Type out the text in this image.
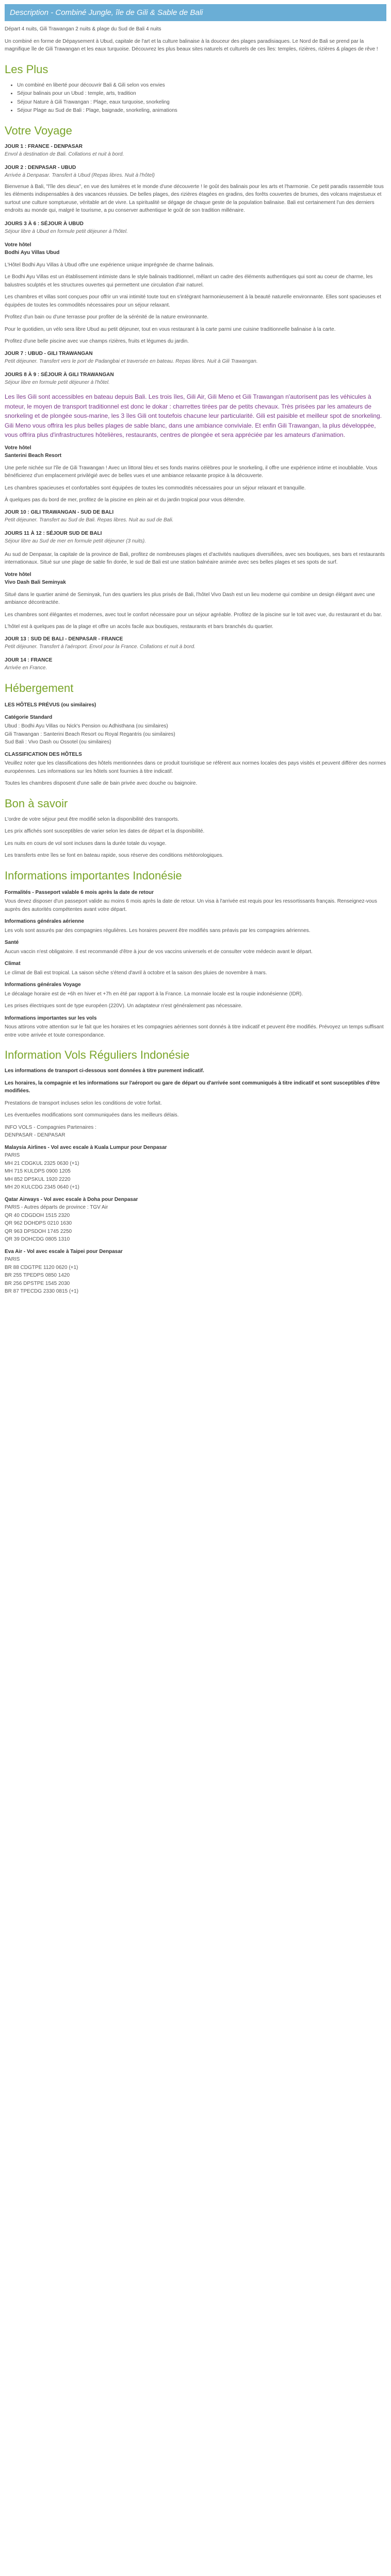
Description - Combiné Jungle, île de Gili & Sable de Bali

Départ 4 nuits, Gili Trawangan 2 nuits & plage du Sud de Bali 4 nuits

Un combiné en forme de Dépaysement à Ubud, capitale de l'art et la culture balinaise à la douceur des plages paradisiaques. Le Nord de Bali se prend par la magnifique île de Gili Trawangan et les eaux turquoise. Découvrez les plus beaux sites naturels et culturels de ces îles: temples, rizières, rizières & plages de rêve !

Les Plus
• Un combiné en liberté pour découvrir Bali & Gili selon vos envies
• Séjour balinais pour un Ubud : temple, arts, tradition
• Séjour Nature à Gili Trawangan : Plage, eaux turquoise, snorkeling
• Séjour Plage au Sud de Bali : Plage, baignade, snorkeling, animations
Votre Voyage

JOUR 1 : FRANCE - DENPASAR

Envol à destination de Bali. Collations et nuit à bord.

JOUR 2 : DENPASAR - UBUD

Arrivée à Denpasar. Transfert à Ubud (Repas libres. Nuit à l'hôtel)

Bienvenue à Bali, "l'île des dieux", en vue des lumières et le monde d'une découverte ! le goût des balinais pour les arts et l'harmonie. Ce petit paradis rassemble tous les éléments indispensables à des vacances réussies. De belles plages, des rizières étagées en gradins, des forêts couvertes de brumes, des volcans majestueux et surtout une culture somptueuse, véritable art de vivre. La spiritualité se dégage de chaque geste de la population balinaise. Bali est certainement l'un des derniers endroits au monde qui, malgré le tourisme, a pu conserver authentique le goût de son tradition millénaire.

JOURS 3 À 6 : SÉJOUR À UBUD

Séjour libre à Ubud en formule petit déjeuner à l'hôtel.

Votre hôtel
Bodhi Ayu Villas Ubud

L'Hôtel Bodhi Ayu Villas à Ubud offre une expérience unique imprégnée de charme balinais.

Le Bodhi Ayu Villas est un établissement intimiste dans le style balinais traditionnel, mêlant un cadre des éléments authentiques qui sont au coeur de charme, les balustres sculptés et les structures ouvertes qui permettent une circulation d'air naturel.

Les chambres et villas sont conçues pour offrir un vrai intimité toute tout en s'intégrant harmonieusement à la beauté naturelle environnante. Elles sont spacieuses et équipées de toutes les commodités nécessaires pour un séjour relaxant.

Profitez d'un bain ou d'une terrasse pour profiter de la sérénité de la nature environnante.

Pour le quotidien, un vélo sera libre Ubud au petit déjeuner, tout en vous restaurant à la carte parmi une cuisine traditionnelle balinaise à la carte.

Profitez d'une belle piscine avec vue champs rizières, fruits et légumes du jardin.

JOUR 7 : UBUD - GILI TRAWANGAN

Petit déjeuner. Transfert vers le port de Padangbai et traversée en bateau. Repas libres. Nuit à Gili Trawangan.

JOURS 8 À 9 : SÉJOUR À GILI TRAWANGAN

Séjour libre en formule petit déjeuner à l'hôtel.

Les îles Gili sont accessibles en bateau depuis Bali. Les trois îles, Gili Air, Gili Meno et Gili Trawangan n'autorisent pas les véhicules à moteur, le moyen de transport traditionnel est donc le dokar : charrettes tirées par de petits chevaux. Très prisées par les amateurs de snorkeling et de plongée sous-marine, les 3 îles Gili ont toutefois chacune leur particularité. Gili est paisible et meilleur spot de snorkeling. Gili Meno vous offrira les plus belles plages de sable blanc, dans une ambiance conviviale. Et enfin Gili Trawangan, la plus développée, vous offrira plus d'infrastructures hôtelières, restaurants, centres de plongée et sera appréciée par les amateurs d'animation.

Votre hôtel
Santerini Beach Resort

Une perle nichée sur l'île de Gili Trawangan ! Avec un littoral bleu et ses fonds marins célèbres pour le snorkeling, il offre une expérience intime et inoubliable. Vous bénéficierez d'un emplacement privilégié avec de belles vues et une ambiance relaxante propice à la découverte.

Les chambres spacieuses et confortables sont équipées de toutes les commodités nécessaires pour un séjour relaxant et tranquille.

À quelques pas du bord de mer, profitez de la piscine en plein air et du jardin tropical pour vous détendre.

JOUR 10 : GILI TRAWANGAN - SUD DE BALI

Petit déjeuner. Transfert au Sud de Bali. Repas libres. Nuit au sud de Bali.

JOURS 11 À 12 : SÉJOUR SUD DE BALI

Séjour libre au Sud de mer en formule petit déjeuner (3 nuits).

Au sud de Denpasar, la capitale de la province de Bali, profitez de nombreuses plages et d'activités nautiques diversifiées, avec ses boutiques, ses bars et restaurants internationaux. Situé sur une plage de sable fin dorée, le sud de Bali est une station balnéaire animée avec ses belles plages et ses spots de surf.

Votre hôtel
Vivo Dash Bali Seminyak

Situé dans le quartier animé de Seminyak, l'un des quartiers les plus prisés de Bali, l'hôtel Vivo Dash est un lieu moderne qui combine un design élégant avec une ambiance décontractée.

Les chambres sont élégantes et modernes, avec tout le confort nécessaire pour un séjour agréable. Profitez de la piscine sur le toit avec vue, du restaurant et du bar.

L'hôtel est à quelques pas de la plage et offre un accès facile aux boutiques, restaurants et bars branchés du quartier.

JOUR 13 : SUD DE BALI - DENPASAR - FRANCE

Petit déjeuner. Transfert à l'aéroport. Envol pour la France. Collations et nuit à bord.

JOUR 14 : FRANCE

Arrivée en France.

Hébergement

LES HÔTELS PRÉVUS (ou similaires)

Catégorie Standard

Ubud : Bodhi Ayu Villas ou Nick's Pension ou Adhisthana (ou similaires)

Gili Trawangan : Santerini Beach Resort ou Royal Regantris (ou similaires)

Sud Bali : Vivo Dash ou Ossotel (ou similaires)

CLASSIFICATION DES HÔTELS

Veuillez noter que les classifications des hôtels mentionnées dans ce produit touristique se réfèrent aux normes locales des pays visités et peuvent différer des normes européennes. Les informations sur les hôtels sont fournies à titre indicatif.

Toutes les chambres disposent d'une salle de bain privée avec douche ou baignoire.

Bon à savoir

L'ordre de votre séjour peut être modifié selon la disponibilité des transports.

Les prix affichés sont susceptibles de varier selon les dates de départ et la disponibilité.

Les nuits en cours de vol sont incluses dans la durée totale du voyage.

Les transferts entre îles se font en bateau rapide, sous réserve des conditions météorologiques.

Informations importantes Indonésie

Formalités - Passeport valable 6 mois après la date de retour

Vous devez disposer d'un passeport valide au moins 6 mois après la date de retour. Un visa à l'arrivée est requis pour les ressortissants français. Renseignez-vous auprès des autorités compétentes avant votre départ.

Informations générales aérienne

Les vols sont assurés par des compagnies régulières. Les horaires peuvent être modifiés sans préavis par les compagnies aériennes.

Santé

Aucun vaccin n'est obligatoire. Il est recommandé d'être à jour de vos vaccins universels et de consulter votre médecin avant le départ.

Climat

Le climat de Bali est tropical. La saison sèche s'étend d'avril à octobre et la saison des pluies de novembre à mars.

Informations générales Voyage

Le décalage horaire est de +6h en hiver et +7h en été par rapport à la France. La monnaie locale est la roupie indonésienne (IDR).

Les prises électriques sont de type européen (220V). Un adaptateur n'est généralement pas nécessaire.

Informations importantes sur les vols

Nous attirons votre attention sur le fait que les horaires et les compagnies aériennes sont donnés à titre indicatif et peuvent être modifiés. Prévoyez un temps suffisant entre votre arrivée et toute correspondance.

Information Vols Réguliers Indonésie

Les informations de transport ci-dessous sont données à titre purement indicatif.

Les horaires, la compagnie et les informations sur l'aéroport ou gare de départ ou d'arrivée sont communiqués à titre indicatif et sont susceptibles d'être modifiées.

Prestations de transport incluses selon les conditions de votre forfait.

Les éventuelles modifications sont communiquées dans les meilleurs délais.

INFO VOLS - Compagnies Partenaires :

DENPASAR - DENPASAR

Malaysia Airlines - Vol avec escale à Kuala Lumpur pour Denpasar

PARIS

MH 21 CDGKUL 2325 0630 (+1)

MH 715 KULDPS 0900 1205

MH 852 DPSKUL 1920 2220

MH 20 KULCDG 2345 0640 (+1)

Qatar Airways - Vol avec escale à Doha pour Denpasar

PARIS - Autres départs de province : TGV Air

QR 40 CDGDOH 1515 2320

QR 962 DOHDPS 0210 1630

QR 963 DPSDOH 1745 2250

QR 39 DOHCDG 0805 1310

Eva Air - Vol avec escale à Taipei pour Denpasar

PARIS

BR 88 CDGTPE 1120 0620 (+1)

BR 255 TPEDPS 0850 1420

BR 256 DPSTPE 1545 2030

BR 87 TPECDG 2330 0815 (+1)
